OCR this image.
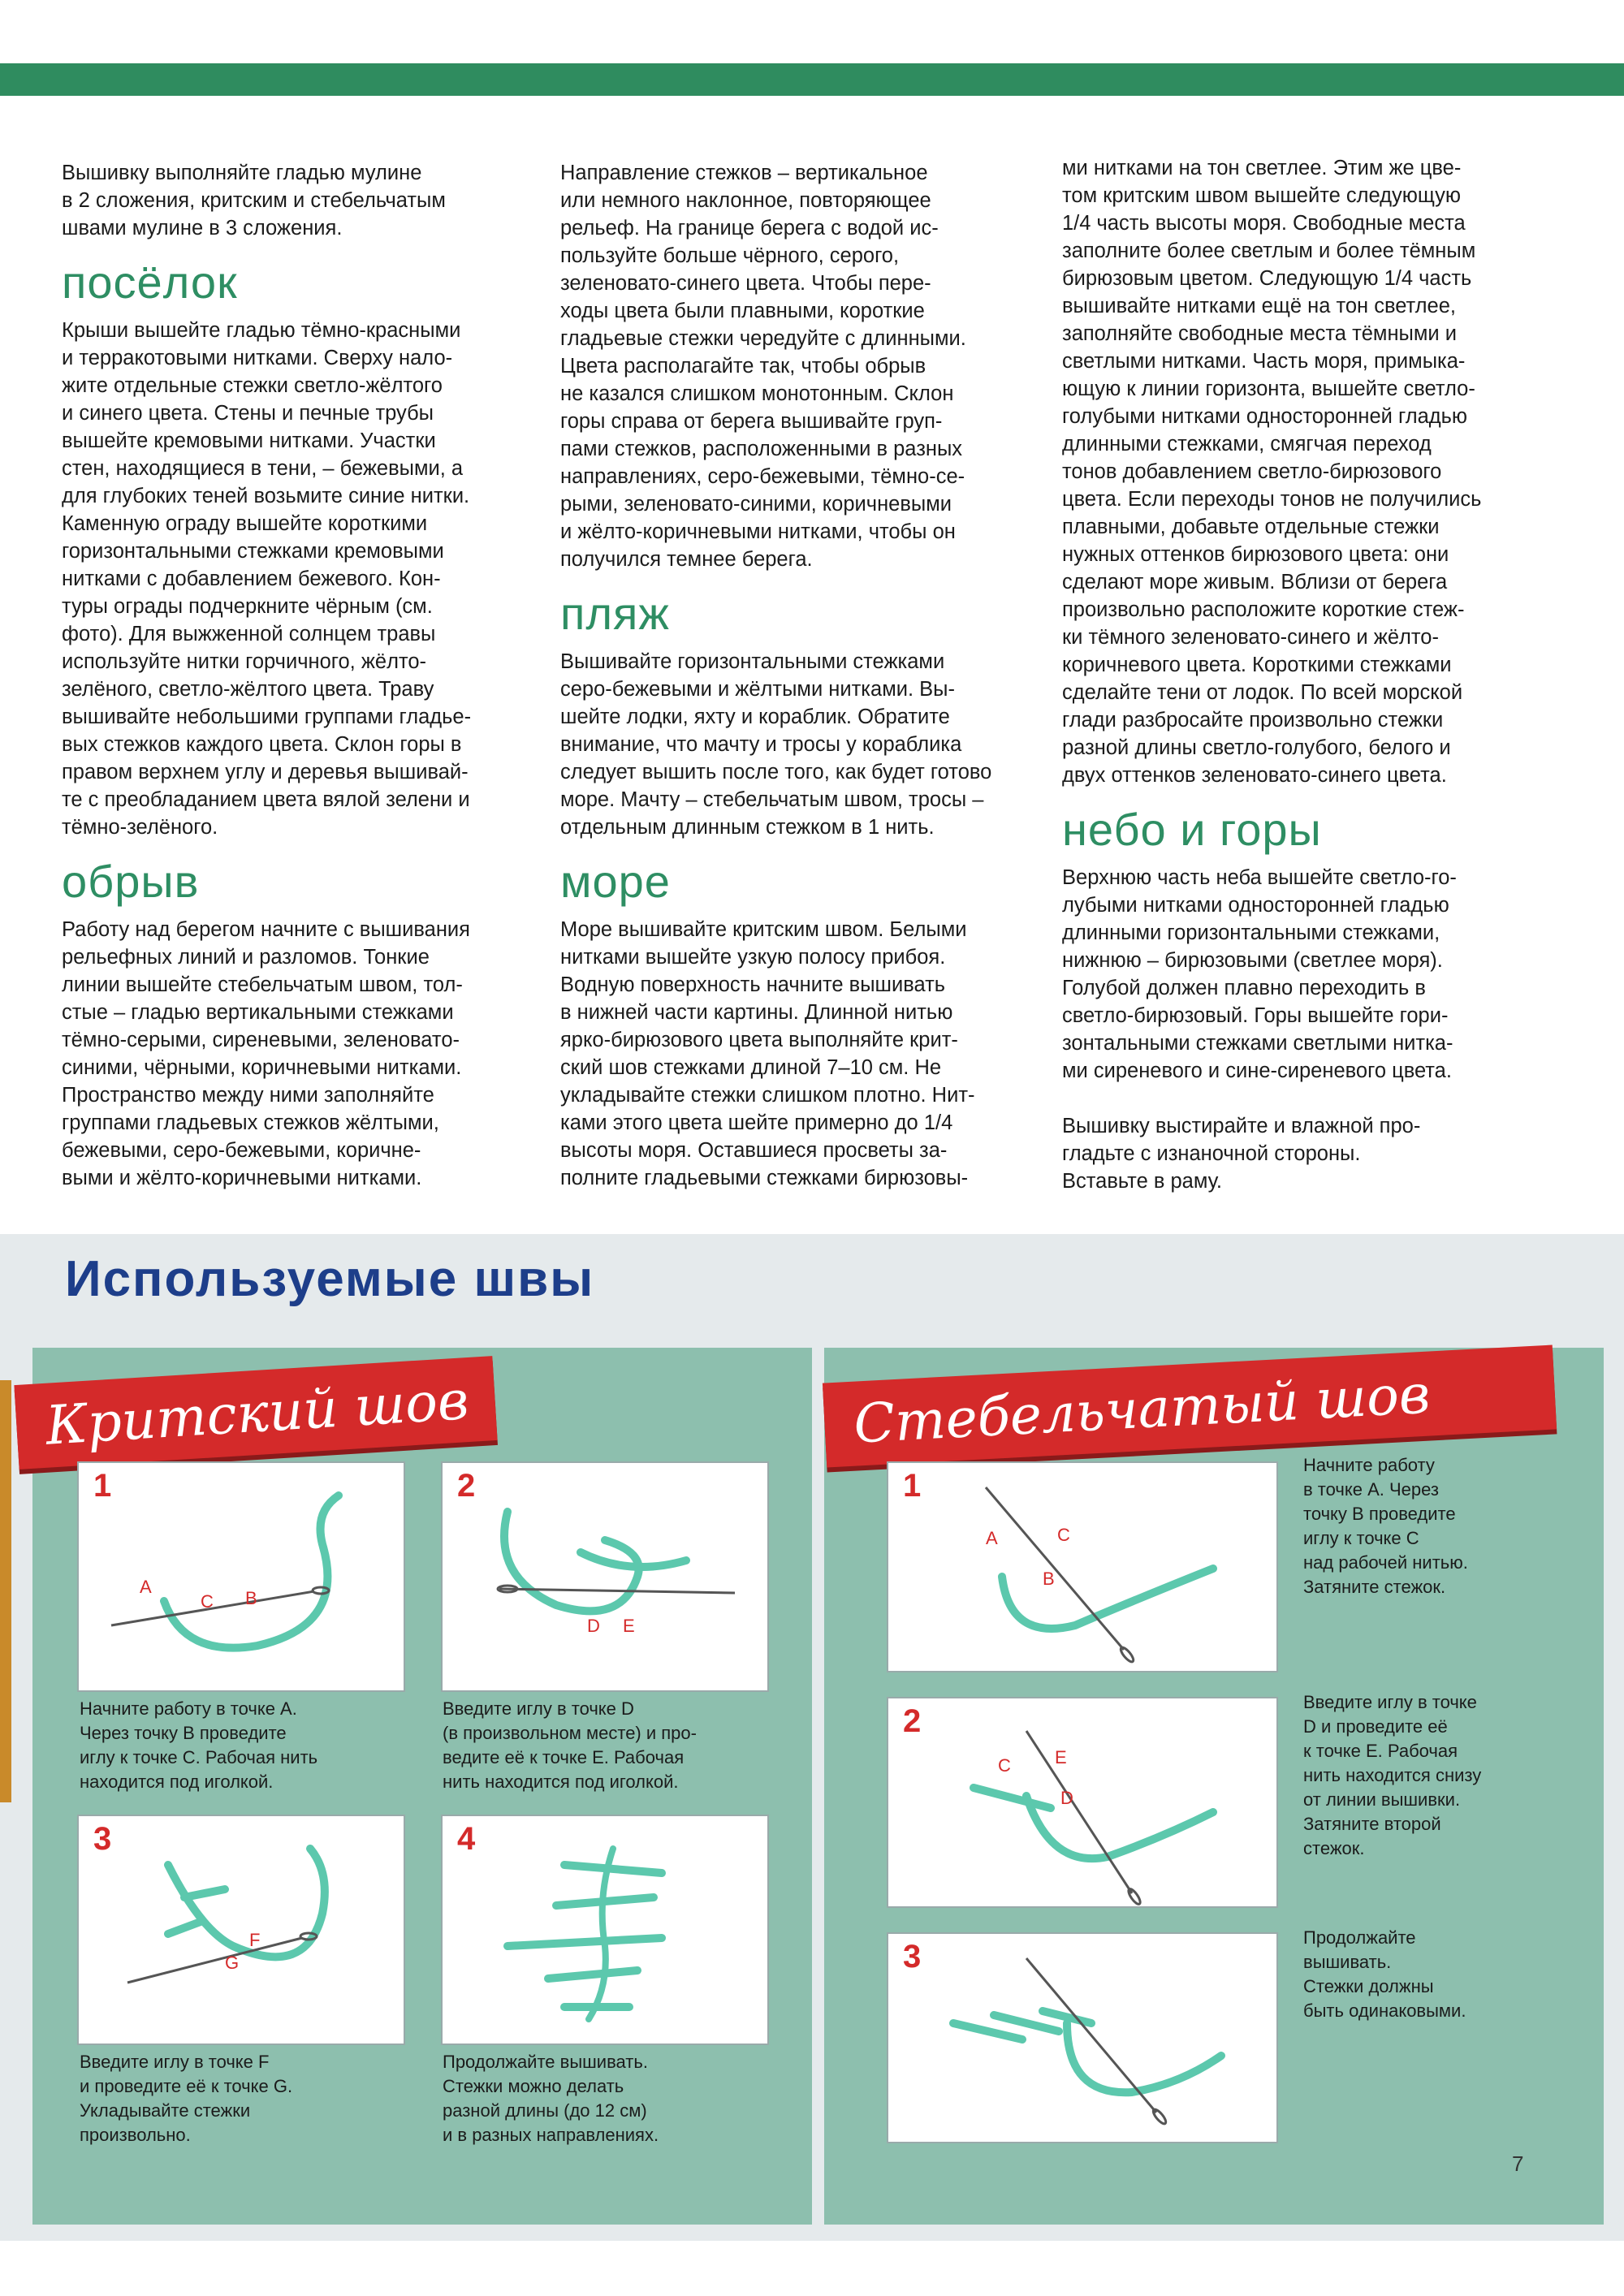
Вышивку выполняйте гладью мулине
в 2 сложения, критским и стебельчатым
швами мулине в 3 сложения.

посёлок

Крыши вышейте гладью тёмно-красными
и терракотовыми нитками. Сверху нало-
жите отдельные стежки светло-жёлтого
и синего цвета. Стены и печные трубы
вышейте кремовыми нитками. Участки
стен, находящиеся в тени, – бежевыми, а
для глубоких теней возьмите синие нитки.
Каменную ограду вышейте короткими
горизонтальными стежками кремовыми
нитками с добавлением бежевого. Кон-
туры ограды подчеркните чёрным (см.
фото). Для выжженной солнцем травы
используйте нитки горчичного, жёлто-
зелёного, светло-жёлтого цвета. Траву
вышивайте небольшими группами гладье-
вых стежков каждого цвета. Склон горы в
правом верхнем углу и деревья вышивай-
те с преобладанием цвета вялой зелени и
тёмно-зелёного.

обрыв

Работу над берегом начните с вышивания
рельефных линий и разломов. Тонкие
линии вышейте стебельчатым швом, тол-
стые – гладью вертикальными стежками
тёмно-серыми, сиреневыми, зеленовато-
синими, чёрными, коричневыми нитками.
Пространство между ними заполняйте
группами гладьевых стежков жёлтыми,
бежевыми, серо-бежевыми, коричне-
выми и жёлто-коричневыми нитками.

Направление стежков – вертикальное
или немного наклонное, повторяющее
рельеф. На границе берега с водой ис-
пользуйте больше чёрного, серого,
зеленовато-синего цвета. Чтобы пере-
ходы цвета были плавными, короткие
гладьевые стежки чередуйте с длинными.
Цвета располагайте так, чтобы обрыв
не казался слишком монотонным. Склон
горы справа от берега вышивайте груп-
пами стежков, расположенными в разных
направлениях, серо-бежевыми, тёмно-се-
рыми, зеленовато-синими, коричневыми
и жёлто-коричневыми нитками, чтобы он
получился темнее берега.

пляж

Вышивайте горизонтальными стежками
серо-бежевыми и жёлтыми нитками. Вы-
шейте лодки, яхту и кораблик. Обратите
внимание, что мачту и тросы у кораблика
следует вышить после того, как будет готово
море. Мачту – стебельчатым швом, тросы –
отдельным длинным стежком в 1 нить.

море

Море вышивайте критским швом. Белыми
нитками вышейте узкую полосу прибоя.
Водную поверхность начните вышивать
в нижней части картины. Длинной нитью
ярко-бирюзового цвета выполняйте крит-
ский шов стежками длиной 7–10 см. Не
укладывайте стежки слишком плотно. Нит-
ками этого цвета шейте примерно до 1/4
высоты моря. Оставшиеся просветы за-
полните гладьевыми стежками бирюзовы-

ми нитками на тон светлее. Этим же цве-
том критским швом вышейте следующую
1/4 часть высоты моря. Свободные места
заполните более светлым и более тёмным
бирюзовым цветом. Следующую 1/4 часть
вышивайте нитками ещё на тон светлее,
заполняйте свободные места тёмными и
светлыми нитками. Часть моря, примыка-
ющую к линии горизонта, вышейте светло-
голубыми нитками односторонней гладью
длинными стежками, смягчая переход
тонов добавлением светло-бирюзового
цвета. Если переходы тонов не получились
плавными, добавьте отдельные стежки
нужных оттенков бирюзового цвета: они
сделают море живым. Вблизи от берега
произвольно расположите короткие стеж-
ки тёмного зеленовато-синего и жёлто-
коричневого цвета. Короткими стежками
сделайте тени от лодок. По всей морской
глади разбросайте произвольно стежки
разной длины светло-голубого, белого и
двух оттенков зеленовато-синего цвета.

небо и горы

Верхнюю часть неба вышейте светло-го-
лубыми нитками односторонней гладью
длинными горизонтальными стежками,
нижнюю – бирюзовыми (светлее моря).
Голубой должен плавно переходить в
светло-бирюзовый. Горы вышейте гори-
зонтальными стежками светлыми нитка-
ми сиреневого и сине-сиреневого цвета.

Вышивку выстирайте и влажной про-
гладьте с изнаночной стороны.
Вставьте в раму.

Используемые швы
Критский шов	Стебельчатый шов
1
A
C B
Начните работу в точке А.
Через точку В проведите
иглу к точке С. Рабочая нить
находится под иголкой.
2
D E
Введите иглу в точке D
(в произвольном месте) и про-
ведите её к точке Е. Рабочая
нить находится под иголкой.
3
F
G
Введите иглу в точке F
и проведите её к точке G.
Укладывайте стежки
произвольно.
4
Продолжайте вышивать.
Стежки можно делать
разной длины (до 12 см)
и в разных направлениях.
1
A	C
B
Начните работу
в точке А. Через
точку В проведите
иглу к точке С
над рабочей нитью.
Затяните стежок.
2
C E
D
Введите иглу в точке
D и проведите её
к точке Е. Рабочая
нить находится снизу
от линии вышивки.
Затяните второй
стежок.
3
Продолжайте
вышивать.
Стежки должны
быть одинаковыми.
7
